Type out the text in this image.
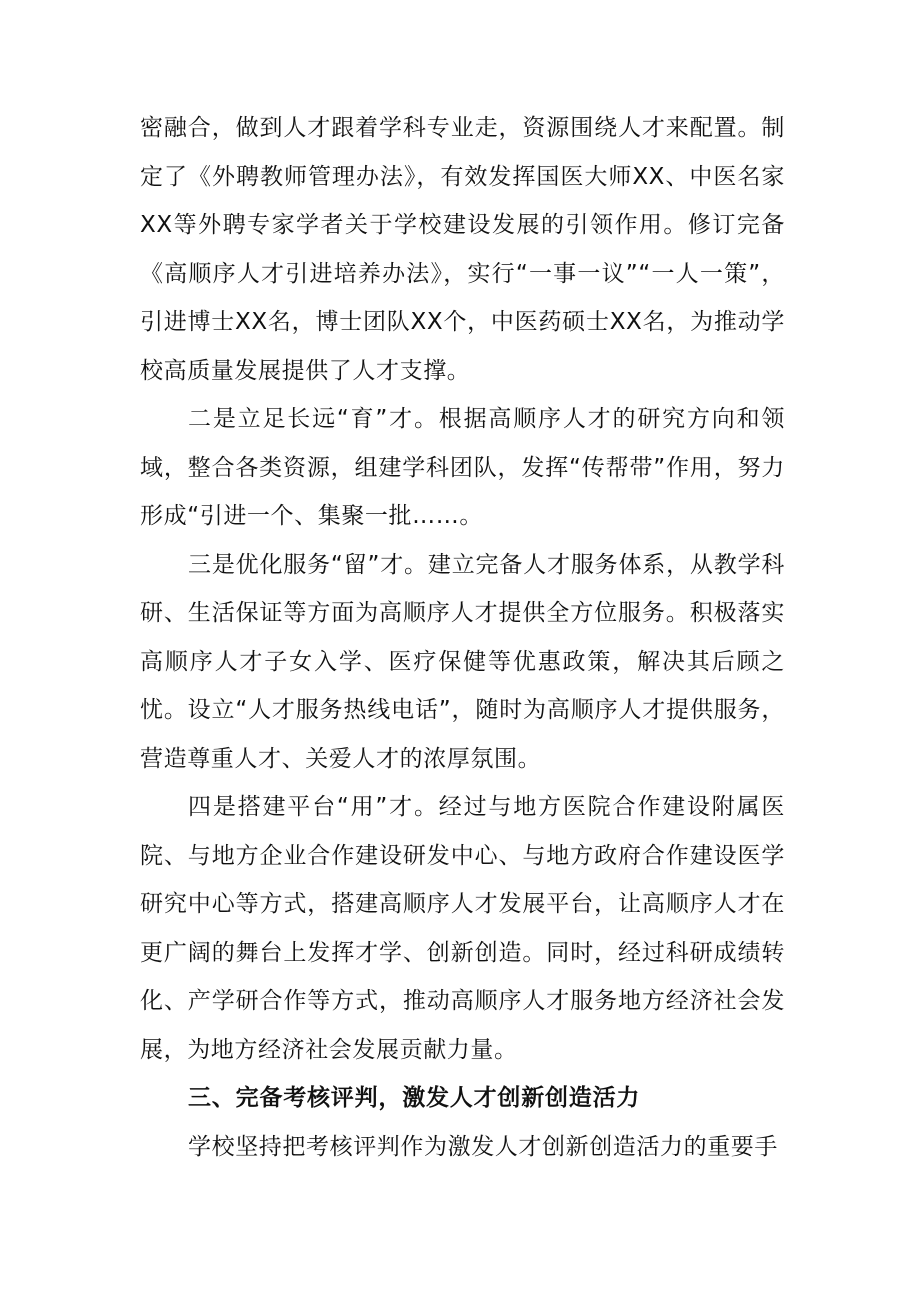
密融合，做到人才跟着学科专业走，资源围绕人才来配置。制定了《外聘教师管理办法》，有效发挥国医大师XX、中医名家XX等外聘专家学者关于学校建设发展的引领作用。修订完备《高顺序人才引进培养办法》，实行“一事一议”“一人一策”，引进博士XX名，博士团队XX个，中医药硕士XX名，为推动学校高质量发展提供了人才支撑。

二是立足长远“育”才。根据高顺序人才的研究方向和领域，整合各类资源，组建学科团队，发挥“传帮带”作用，努力形成“引进一个、集聚一批……。

三是优化服务“留”才。建立完备人才服务体系，从教学科研、生活保证等方面为高顺序人才提供全方位服务。积极落实高顺序人才子女入学、医疗保健等优惠政策，解决其后顾之忧。设立“人才服务热线电话”，随时为高顺序人才提供服务，营造尊重人才、关爱人才的浓厚氛围。

四是搭建平台“用”才。经过与地方医院合作建设附属医院、与地方企业合作建设研发中心、与地方政府合作建设医学研究中心等方式，搭建高顺序人才发展平台，让高顺序人才在更广阔的舞台上发挥才学、创新创造。同时，经过科研成绩转化、产学研合作等方式，推动高顺序人才服务地方经济社会发展，为地方经济社会发展贡献力量。

三、完备考核评判，激发人才创新创造活力

学校坚持把考核评判作为激发人才创新创造活力的重要手
